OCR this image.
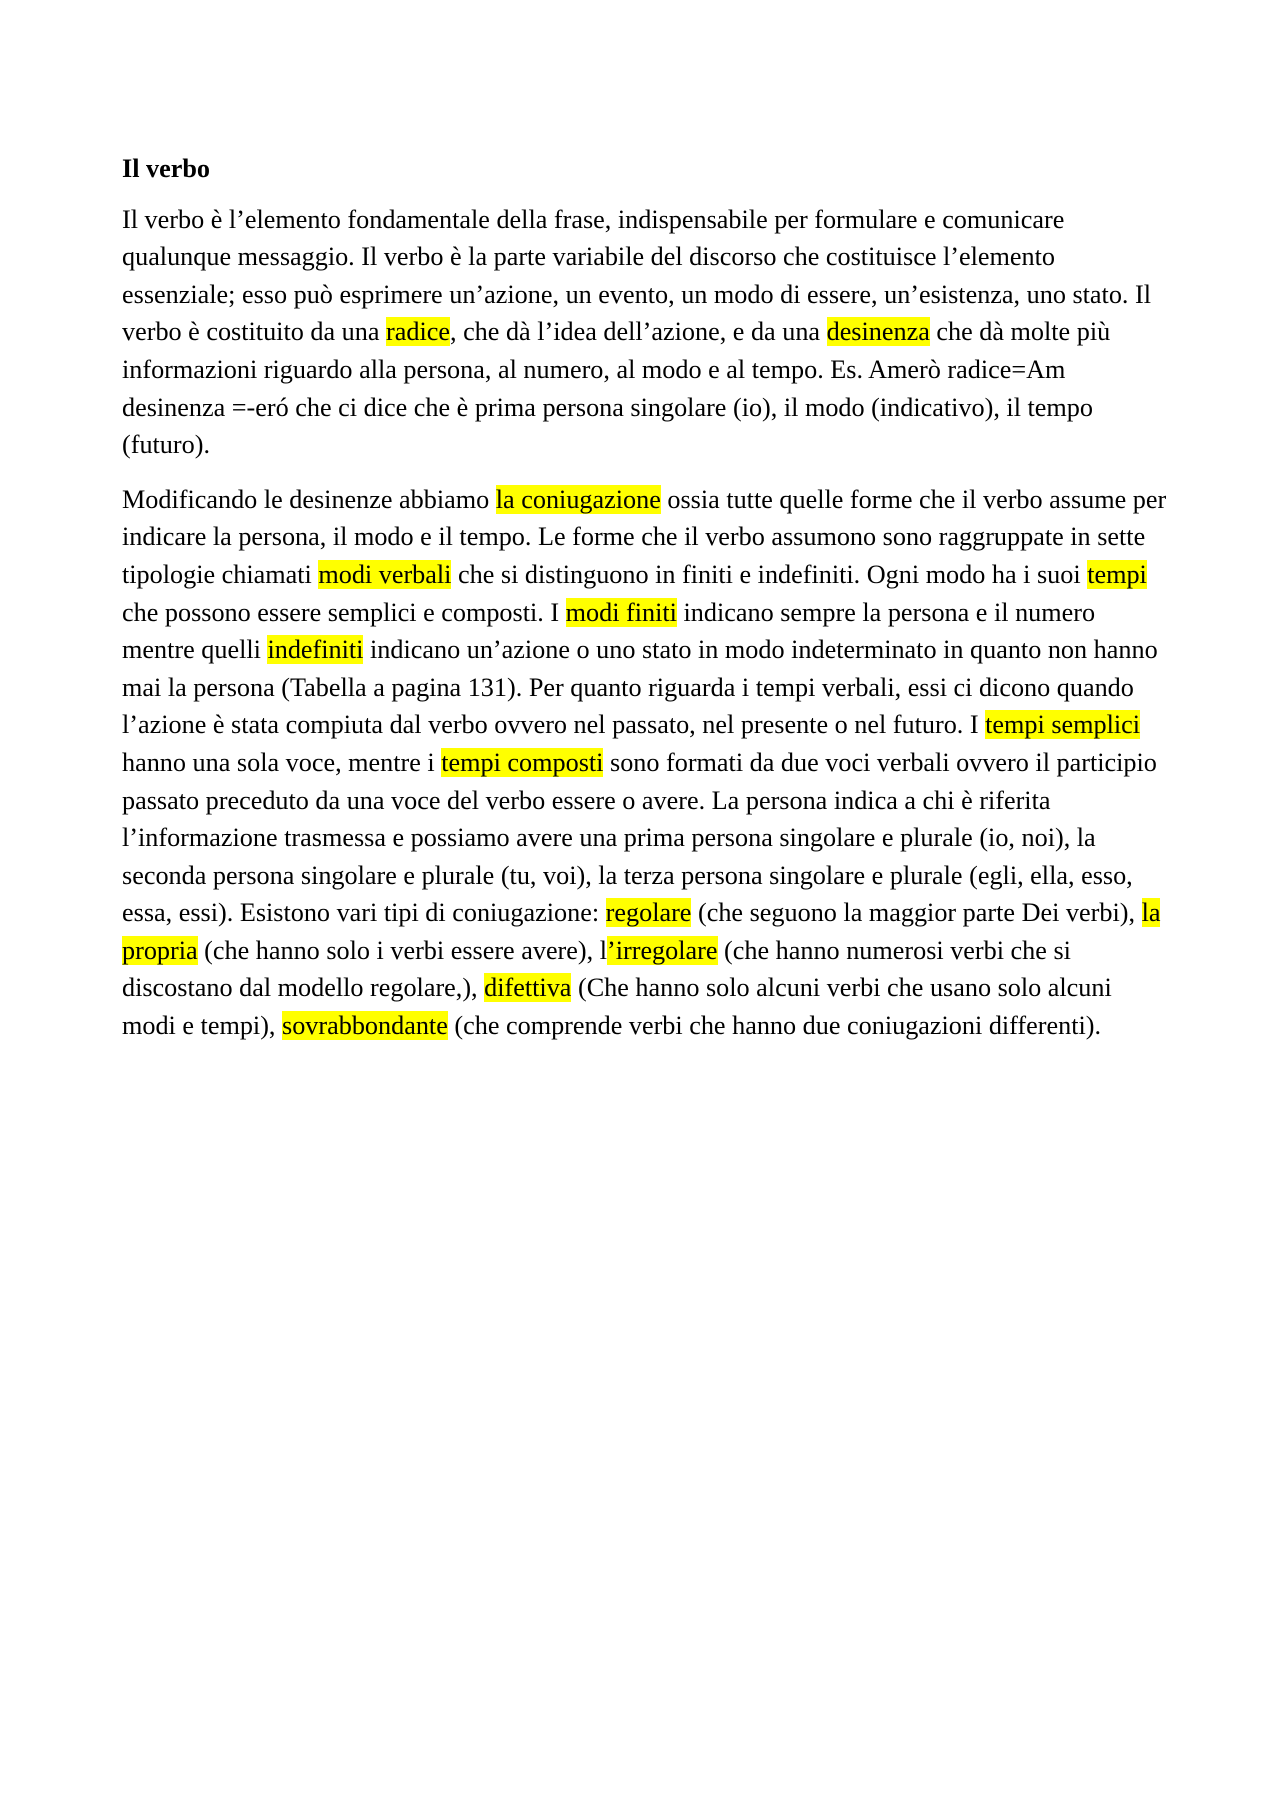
Il verbo

Il verbo è l’elemento fondamentale della frase, indispensabile per formulare e comunicare qualunque messaggio. Il verbo è la parte variabile del discorso che costituisce l’elemento essenziale; esso può esprimere un’azione, un evento, un modo di essere, un’esistenza, uno stato. Il verbo è costituito da una radice, che dà l’idea dell’azione, e da una desinenza che dà molte più informazioni riguardo alla persona, al numero, al modo e al tempo. Es. Amerò radice=Am desinenza =-eró che ci dice che è prima persona singolare (io), il modo (indicativo), il tempo (futuro).

Modificando le desinenze abbiamo la coniugazione ossia tutte quelle forme che il verbo assume per indicare la persona, il modo e il tempo. Le forme che il verbo assumono sono raggruppate in sette tipologie chiamati modi verbali che si distinguono in finiti e indefiniti. Ogni modo ha i suoi tempi che possono essere semplici e composti. I modi finiti indicano sempre la persona e il numero mentre quelli indefiniti indicano un’azione o uno stato in modo indeterminato in quanto non hanno mai la persona (Tabella a pagina 131). Per quanto riguarda i tempi verbali, essi ci dicono quando l’azione è stata compiuta dal verbo ovvero nel passato, nel presente o nel futuro. I tempi semplici hanno una sola voce, mentre i tempi composti sono formati da due voci verbali ovvero il participio passato preceduto da una voce del verbo essere o avere. La persona indica a chi è riferita l’informazione trasmessa e possiamo avere una prima persona singolare e plurale (io, noi), la seconda persona singolare e plurale (tu, voi), la terza persona singolare e plurale (egli, ella, esso, essa, essi). Esistono vari tipi di coniugazione: regolare (che seguono la maggior parte Dei verbi), la propria (che hanno solo i verbi essere avere), l’irregolare (che hanno numerosi verbi che si discostano dal modello regolare,), difettiva (Che hanno solo alcuni verbi che usano solo alcuni modi e tempi), sovrabbondante (che comprende verbi che hanno due coniugazioni differenti).
